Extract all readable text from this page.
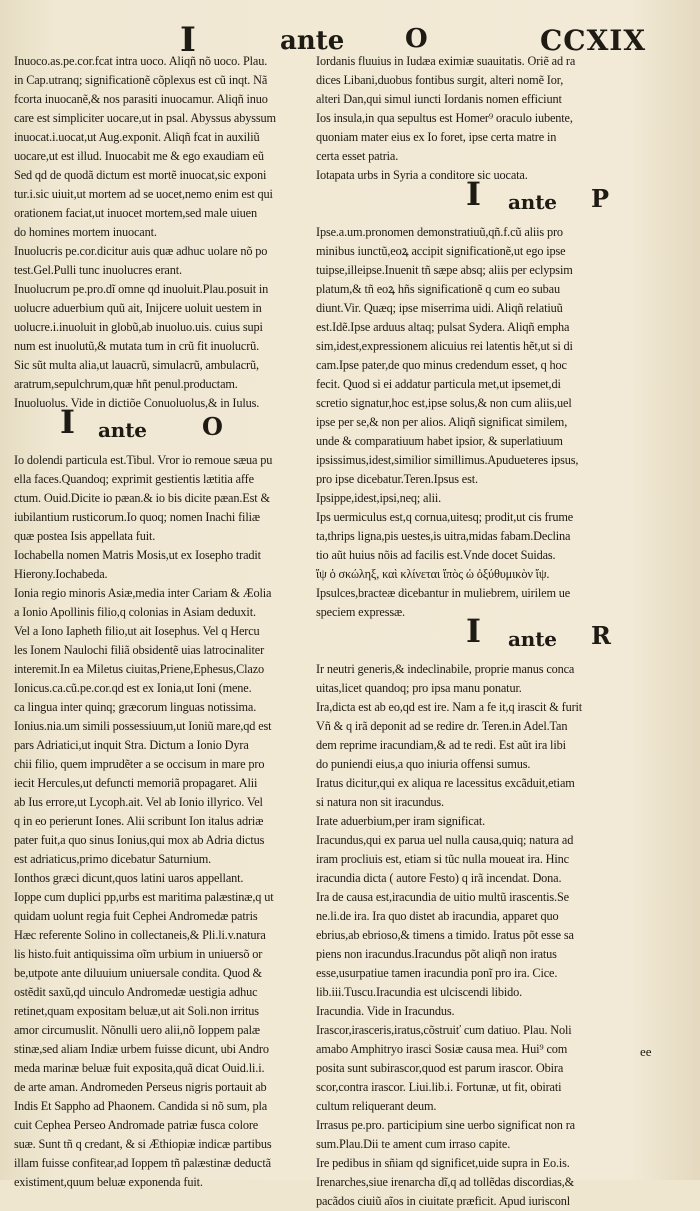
I	ante O	CCXIX
Inuoco.as.pe.cor.fcat intra uoco. Aliqñ nõ uoco. Plau.
in Cap.utranq; significationẽ cõplexus est cũ inqt. Nã
fcorta inuocanẽ,& nos parasiti inuocamur. Aliqñ inuo
care est simpliciter uocare,ut in psal. Abyssus abyssum
inuocat.i.uocat,ut Aug.exponit. Aliqñ fcat in auxiliũ
uocare,ut est illud. Inuocabit me & ego exaudiam eũ
Sed qd de quodã dictum est mortẽ inuocat,sic exponi
tur.i.sic uiuit,ut mortem ad se uocet,nemo enim est qui
orationem faciat,ut inuocet mortem,sed male uiuen
do homines mortem inuocant.
Inuolucris pe.cor.dicitur auis quæ adhuc uolare nõ po
test.Gel.Pulli tunc inuolucres erant.
Inuolucrum pe.pro.dĩ omne qd inuoluit.Plau.posuit in
uolucre aduerbium quũ ait, Inijcere uoluit uestem in
uolucre.i.inuoluit in globũ,ab inuoluo.uis. cuius supi
num est inuolutũ,& mutata tum in crũ fit inuolucrũ.
Sic sũt multa alia,ut lauacrũ, simulacrũ, ambulacrũ,
aratrum,sepulchrum,quæ hñt penul.productam.
Inuoluolus. Vide in dictiõe Conuoluolus,& in Iulus.
I ante O
Io dolendi particula est.Tibul. Vror io remoue sæua pu
ella faces.Quandoq; exprimit gestientis lætitia affe
ctum. Ouid.Dicite io pæan.& io bis dicite pæan.Est &
iubilantium rusticorum.Io quoq; nomen Inachi filiæ
quæ postea Isis appellata fuit.
Iochabella nomen Matris Mosis,ut ex Iosepho tradit
Hierony.Iochabeda.
Ionia regio minoris Asiæ,media inter Cariam & Æolia
a Ionio Apollinis filio,q colonias in Asiam deduxit.
Vel a Iono Iapheth filio,ut ait Iosephus. Vel q Hercu
les Ionem Naulochi filiã obsidentẽ uias latrocinaliter
interemit.In ea Miletus ciuitas,Priene,Ephesus,Clazo
Ionicus.ca.cũ.pe.cor.qd est ex Ionia,ut Ioni (mene.
ca lingua inter quinq; græcorum linguas notissima.
Ionius.nia.um simili possessiuum,ut Ioniũ mare,qd est
pars Adriatici,ut inquit Stra. Dictum a Ionio Dyra
chii filio, quem imprudẽter a se occisum in mare pro
iecit Hercules,ut defuncti memoriã propagaret. Alii
ab Ius errore,ut Lycoph.ait. Vel ab Ionio illyrico. Vel
q in eo perierunt Iones. Alii scribunt Ion italus adriæ
pater fuit,a quo sinus Ionius,qui mox ab Adria dictus
est adriaticus,primo dicebatur Saturnium.
Ionthos græci dicunt,quos latini uaros appellant.
Ioppe cum duplici pp,urbs est maritima palæstinæ,q ut
quidam uolunt regia fuit Cephei Andromedæ patris
Hæc referente Solino in collectaneis,& Pli.li.v.natura
lis histo.fuit antiquissima oĩm urbium in uniuersõ or
be,utpote ante diluuium uniuersale condita. Quod &
ostẽdit saxũ,qd uinculo Andromedæ uestigia adhuc
retinet,quam expositam beluæ,ut ait Soli.non irritus
amor circumuslit. Nõnulli uero alii,nõ Ioppem palæ
stinæ,sed aliam Indiæ urbem fuisse dicunt, ubi Andro
meda marinæ beluæ fuit exposita,quã dicat Ouid.li.i.
de arte aman. Andromeden Perseus nigris portauit ab
Indis Et Sappho ad Phaonem. Candida si nõ sum, pla
cuit Cephea Perseo Andromade patriæ fusca colore
suæ. Sunt tñ q credant, & si Æthiopiæ indicæ partibus
illam fuisse confitear,ad Ioppem tñ palæstinæ deductã
existiment,quum beluæ exponenda fuit.
Iordanis fluuius in Iudæa eximiæ suauitatis. Oriẽ ad ra
dices Libani,duobus fontibus surgit, alteri nomẽ Ior,
alteri Dan,qui simul iuncti Iordanis nomen efficiunt
Ios insula,in qua sepultus est Homer⁹ oraculo iubente,
quoniam mater eius ex Io foret, ipse certa matre in
certa esset patria.
Iotapata urbs in Syria a conditore sic uocata.
I ante P
Ipse.a.um.pronomen demonstratiuũ,qñ.f.cũ aliis pro
minibus iunctũ,eoꝝ accipit significationẽ,ut ego ipse
tuipse,illeipse.Inuenit tñ sæpe absq; aliis per eclypsim
platum,& tñ eoꝝ hñs significationẽ q cum eo subau
diunt.Vir. Quæq; ipse miserrima uidi. Aliqñ relatiuũ
est.Idẽ.Ipse arduus altaq; pulsat Sydera. Aliqñ empha
sim,idest,expressionem alicuius rei latentis hẽt,ut si di
cam.Ipse pater,de quo minus credendum esset, q hoc
fecit. Quod si ei addatur particula met,ut ipsemet,di
scretio signatur,hoc est,ipse solus,& non cum aliis,uel
ipse per se,& non per alios. Aliqñ significat similem,
unde & comparatiuum habet ipsior, & superlatiuum
ipsissimus,idest,similior simillimus.Apudueteres ipsus,
pro ipse dicebatur.Teren.Ipsus est.
Ipsippe,idest,ipsi,neq; alii.
Ips uermiculus est,q cornua,uitesq; prodit,ut cis frume
ta,thrips ligna,pis uestes,is uitra,midas fabam.Declina
tio aũt huius nõis ad facilis est.Vnde docet Suidas.
ἴψ ὁ σκώληξ, καὶ κλίνεται ἴπὸς ὡ ὀξύθυμικὸν ἴψ.
Ipsulces,bracteæ dicebantur in muliebrem, uirilem ue
speciem expressæ.	I ante R
Ir neutri generis,& indeclinabile, proprie manus conca
uitas,licet quandoq; pro ipsa manu ponatur.
Ira,dicta est ab eo,qd est ire. Nam a fe it,q irascit & furit
Vñ & q irã deponit ad se redire dr. Teren.in Adel.Tan
dem reprime iracundiam,& ad te redi. Est aũt ira libi
do puniendi eius,a quo iniuria offensi sumus.
Iratus dicitur,qui ex aliqua re lacessitus excãduit,etiam
si natura non sit iracundus.
Irate aduerbium,per iram significat.
Iracundus,qui ex parua uel nulla causa,quiq; natura ad
iram procliuis est, etiam si tũc nulla moueat ira. Hinc
iracundia dicta ( autore Festo) q irã incendat. Dona.
Ira de causa est,iracundia de uitio multũ irascentis.Se
ne.li.de ira. Ira quo distet ab iracundia, apparet quo
ebrius,ab ebrioso,& timens a timido. Iratus põt esse sa
piens non iracundus.Iracundus põt aliqñ non iratus
esse,usurpatiue tamen iracundia ponĩ pro ira. Cice.
lib.iii.Tuscu.Iracundia est ulciscendi libido.
Iracundia. Vide in Iracundus.
Irascor,irasceris,iratus,cõstruiť cum datiuo. Plau. Noli
amabo Amphitryo irasci Sosiæ causa mea. Hui⁹ com
posita sunt subirascor,quod est parum irascor. Obira
scor,contra irascor. Liui.lib.i. Fortunæ, ut fit, obirati
cultum reliquerant deum.
Irrasus pe.pro. participium sine uerbo significat non ra
sum.Plau.Dii te ament cum irraso capite.
Ire pedibus in sñiam qd significet,uide supra in Eo.is.
Irenarches,siue irenarcha dĩ,q ad tollẽdas discordias,&
pacãdos ciuiũ aĩos in ciuitate præficit. Apud iurisconl
ee
